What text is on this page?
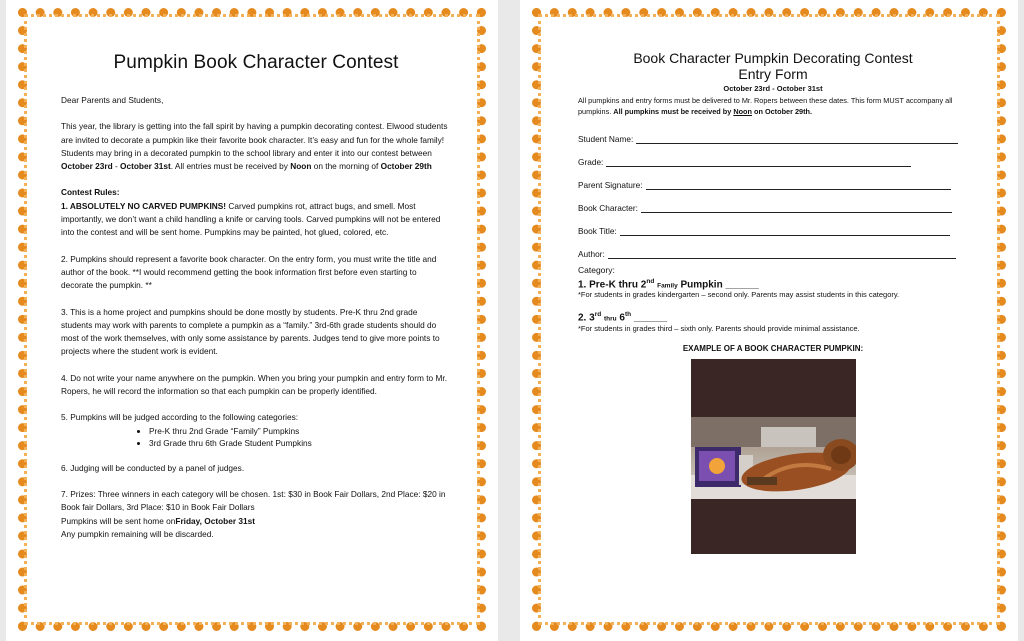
Pumpkin Book Character Contest

Dear Parents and Students,

This year, the library is getting into the fall spirit by having a pumpkin decorating contest. Elwood students are invited to decorate a pumpkin like their favorite book character. It’s easy and fun for the whole family! Students may bring in a decorated pumpkin to the school library and enter it into our contest between October 23rd - October 31st. All entries must be received by Noon on the morning of October 29th

Contest Rules:

1. ABSOLUTELY NO CARVED PUMPKINS! Carved pumpkins rot, attract bugs, and smell. Most importantly, we don’t want a child handling a knife or carving tools. Carved pumpkins will not be entered into the contest and will be sent home. Pumpkins may be painted, hot glued, colored, etc.

2. Pumpkins should represent a favorite book character. On the entry form, you must write the title and author of the book. **I would recommend getting the book information first before even starting to decorate the pumpkin. **

3. This is a home project and pumpkins should be done mostly by students. Pre-K thru 2nd grade students may work with parents to complete a pumpkin as a “family.” 3rd-6th grade students should do most of the work themselves, with only some assistance by parents. Judges tend to give more points to projects where the student work is evident.

4. Do not write your name anywhere on the pumpkin. When you bring your pumpkin and entry form to Mr. Ropers, he will record the information so that each pumpkin can be properly identified.

5. Pumpkins will be judged according to the following categories:

• Pre-K thru 2nd Grade “Family” Pumpkins
• 3rd Grade thru 6th Grade Student Pumpkins

6. Judging will be conducted by a panel of judges.

7. Prizes: Three winners in each category will be chosen. 1st: $30 in Book Fair Dollars, 2nd Place: $20 in Book fair Dollars, 3rd Place: $10 in Book Fair Dollars

Pumpkins will be sent home onFriday, October 31st

Any pumpkin remaining will be discarded.

Book Character Pumpkin Decorating Contest
Entry Form

October 23rd - October 31st

All pumpkins and entry forms must be delivered to Mr. Ropers between these dates. This form MUST accompany all pumpkins. All pumpkins must be received by Noon on October 29th.

Student Name:
Grade:
Parent Signature:
Book Character:
Book Title:
Author:

Category:

1. Pre-K thru 2nd Family Pumpkin ______

*For students in grades kindergarten – second only. Parents may assist students in this category.

2. 3rd thru 6th ______

*For students in grades third – sixth only. Parents should provide minimal assistance.

EXAMPLE OF A BOOK CHARACTER PUMPKIN:
